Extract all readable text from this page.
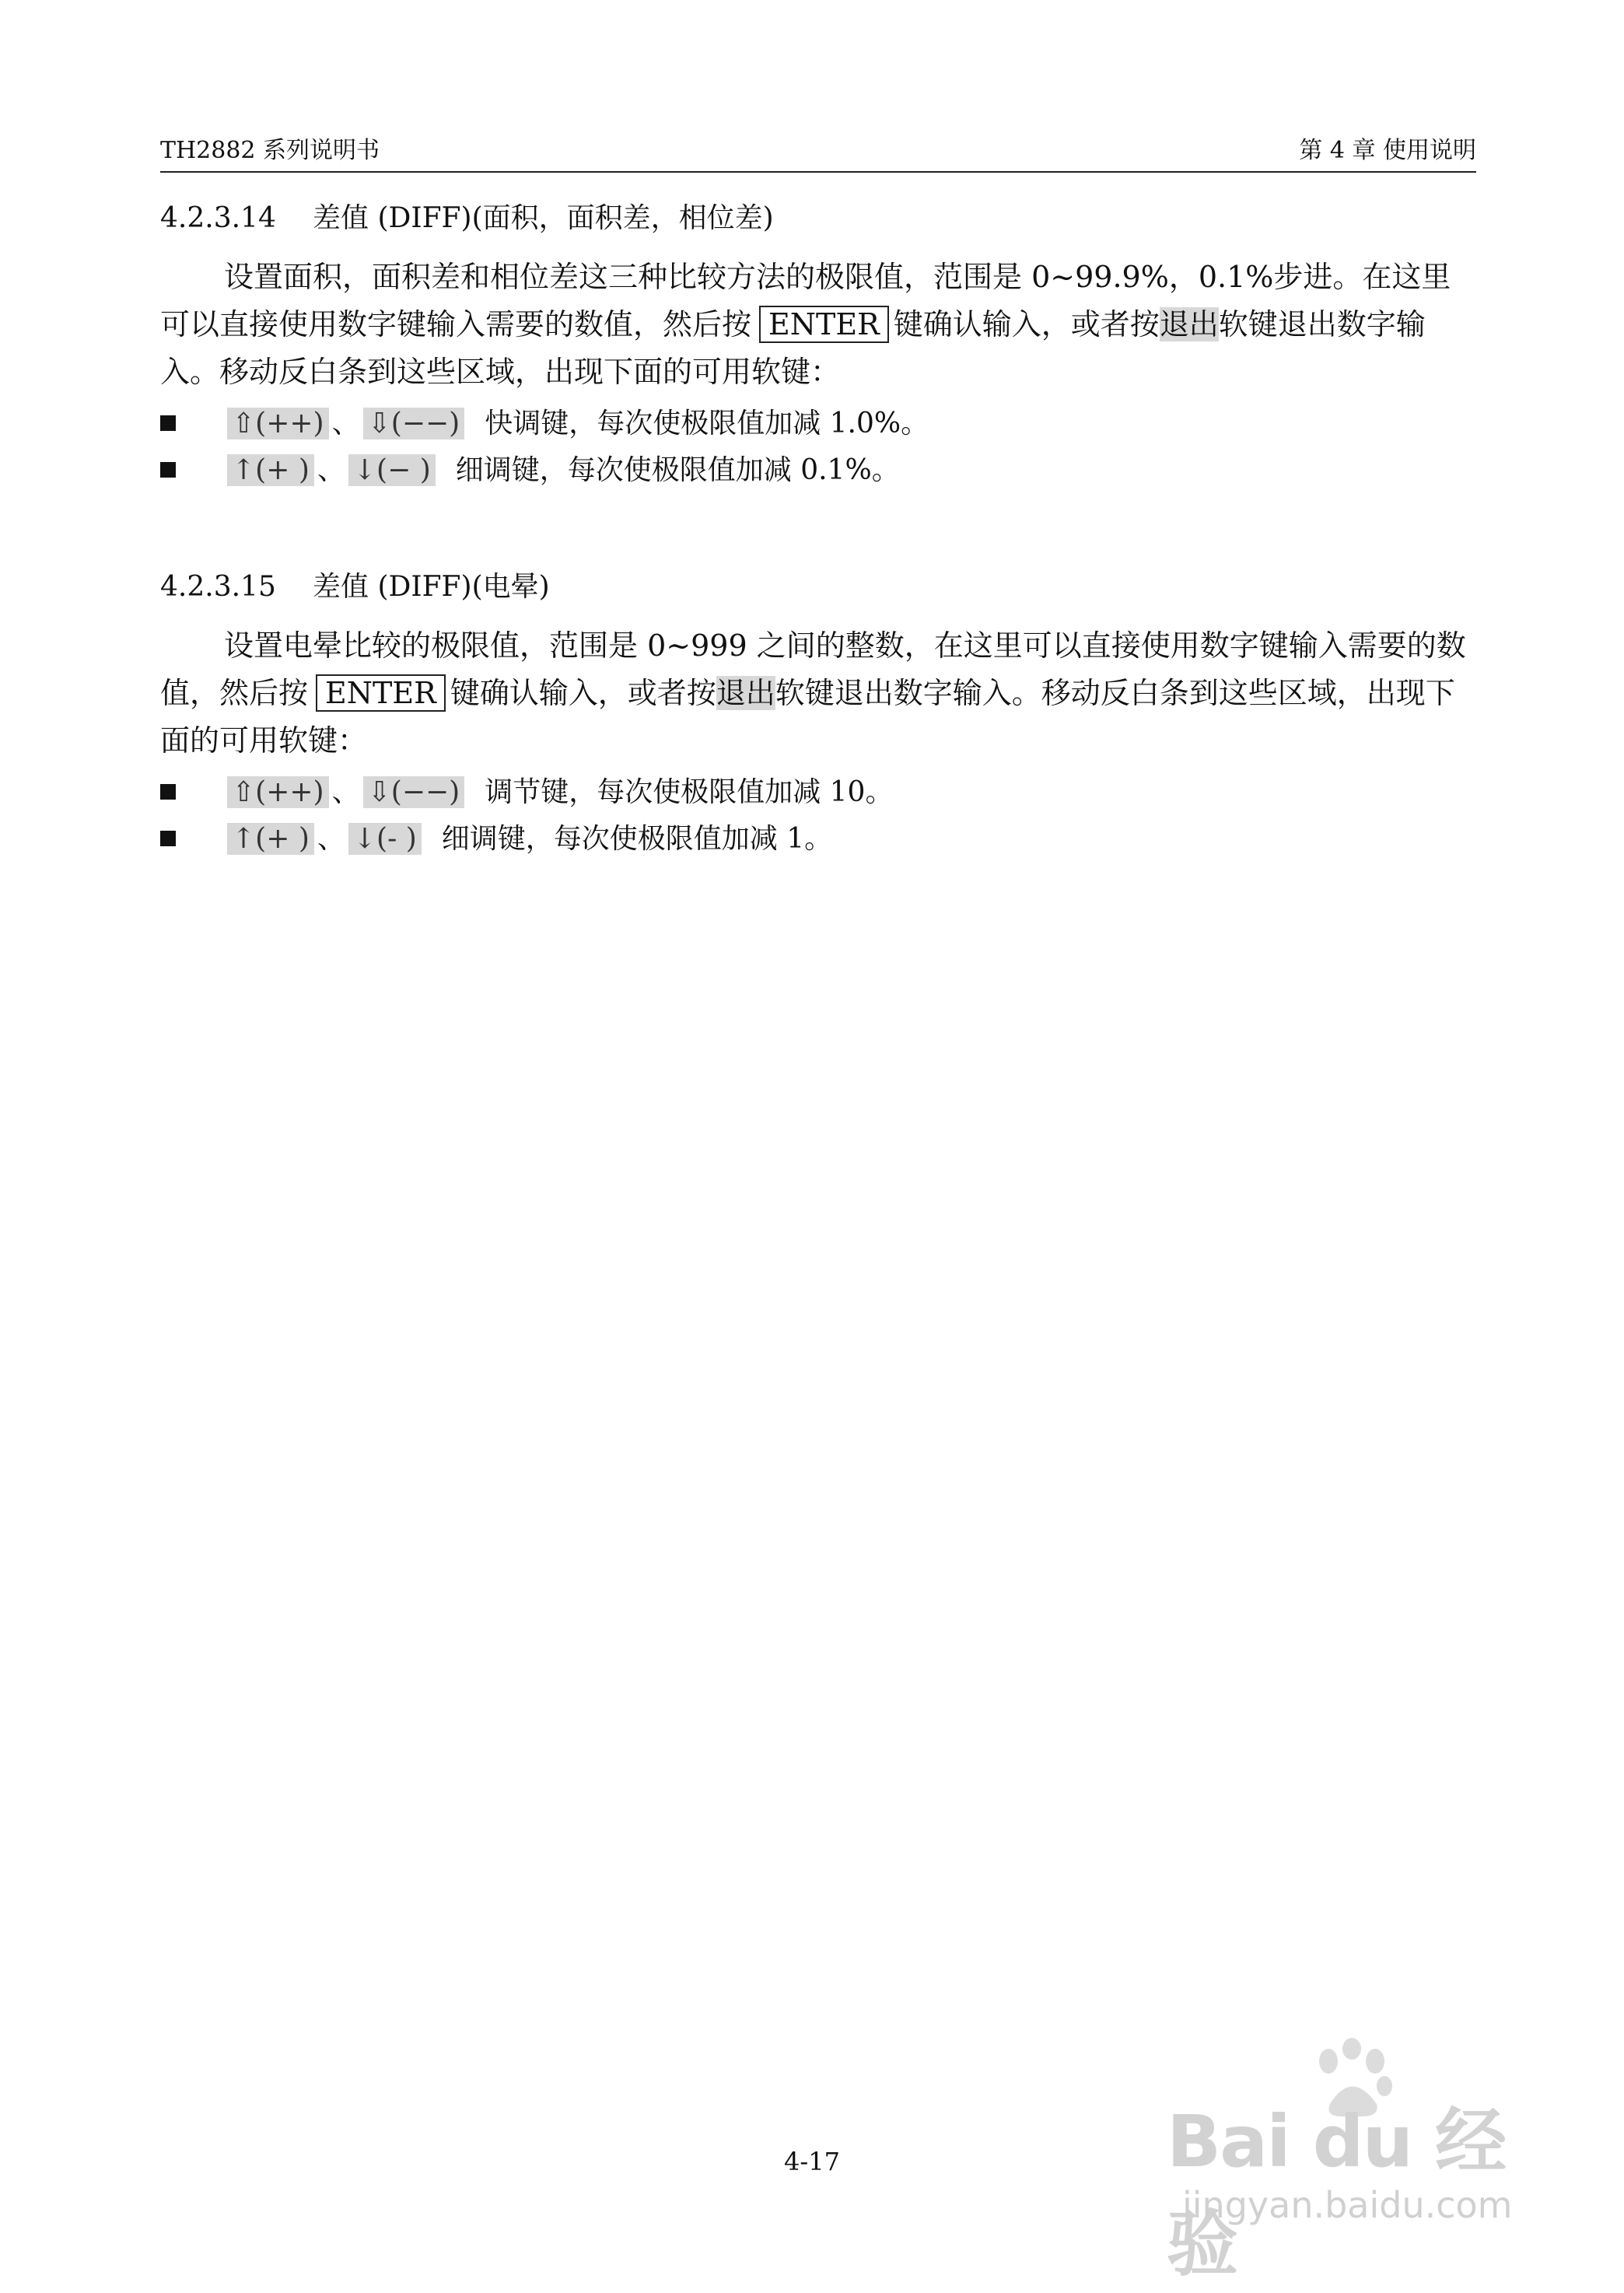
TH2882 系列说明书	第 4 章 使用说明
4.2.3.14 差值 (DIFF)(面积，面积差，相位差)
设置面积，面积差和相位差这三种比较方法的极限值，范围是 0~99.9%，0.1%步进。在这里可以直接使用数字键输入需要的数值，然后按 ENTER 键确认输入，或者按退出软键退出数字输入。移动反白条到这些区域，出现下面的可用软键：
⇧(++) 、 ⇩(−−) 快调键，每次使极限值加减 1.0%。
↑(+ ) 、 ↓(− ) 细调键，每次使极限值加减 0.1%。
4.2.3.15 差值 (DIFF)(电晕)
设置电晕比较的极限值，范围是 0~999 之间的整数，在这里可以直接使用数字键输入需要的数值，然后按 ENTER 键确认输入，或者按退出软键退出数字输入。移动反白条到这些区域，出现下面的可用软键：
⇧(++) 、 ⇩(−−) 调节键，每次使极限值加减 10。
↑(+ ) 、 ↓(- ) 细调键，每次使极限值加减 1。
4-17	Bai du 经验
jingyan.baidu.com
